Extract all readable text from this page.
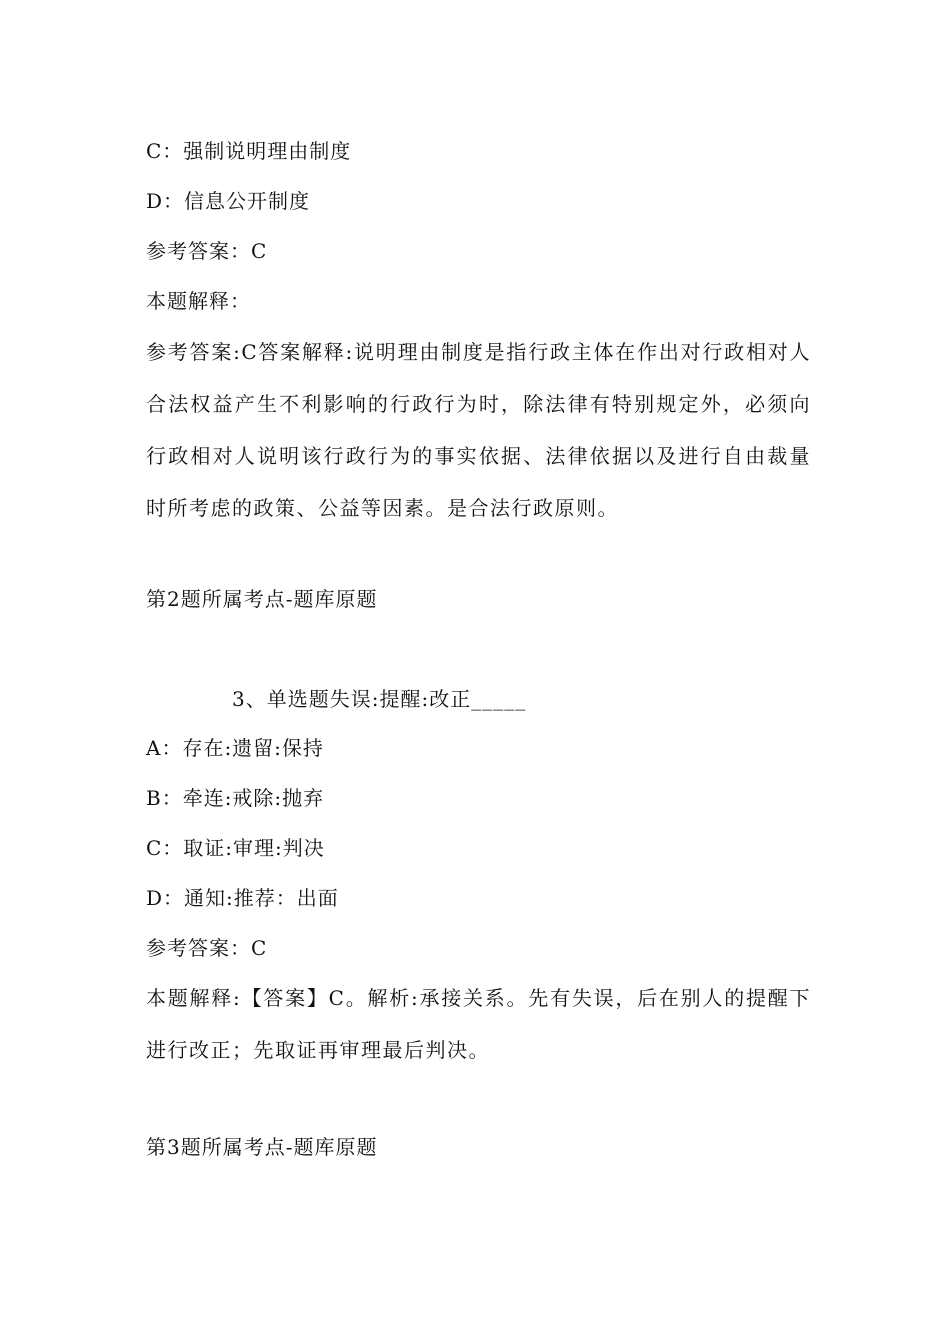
C：强制说明理由制度
D：信息公开制度
参考答案：C
本题解释：
参考答案:C答案解释:说明理由制度是指行政主体在作出对行政相对人合法权益产生不利影响的行政行为时，除法律有特别规定外，必须向行政相对人说明该行政行为的事实依据、法律依据以及进行自由裁量时所考虑的政策、公益等因素。是合法行政原则。
第2题所属考点-题库原题
3、单选题失误:提醒:改正_____
A：存在:遗留:保持
B：牵连:戒除:抛弃
C：取证:审理:判决
D：通知:推荐：出面
参考答案：C
本题解释:【答案】C。解析:承接关系。先有失误，后在别人的提醒下进行改正；先取证再审理最后判决。
第3题所属考点-题库原题
